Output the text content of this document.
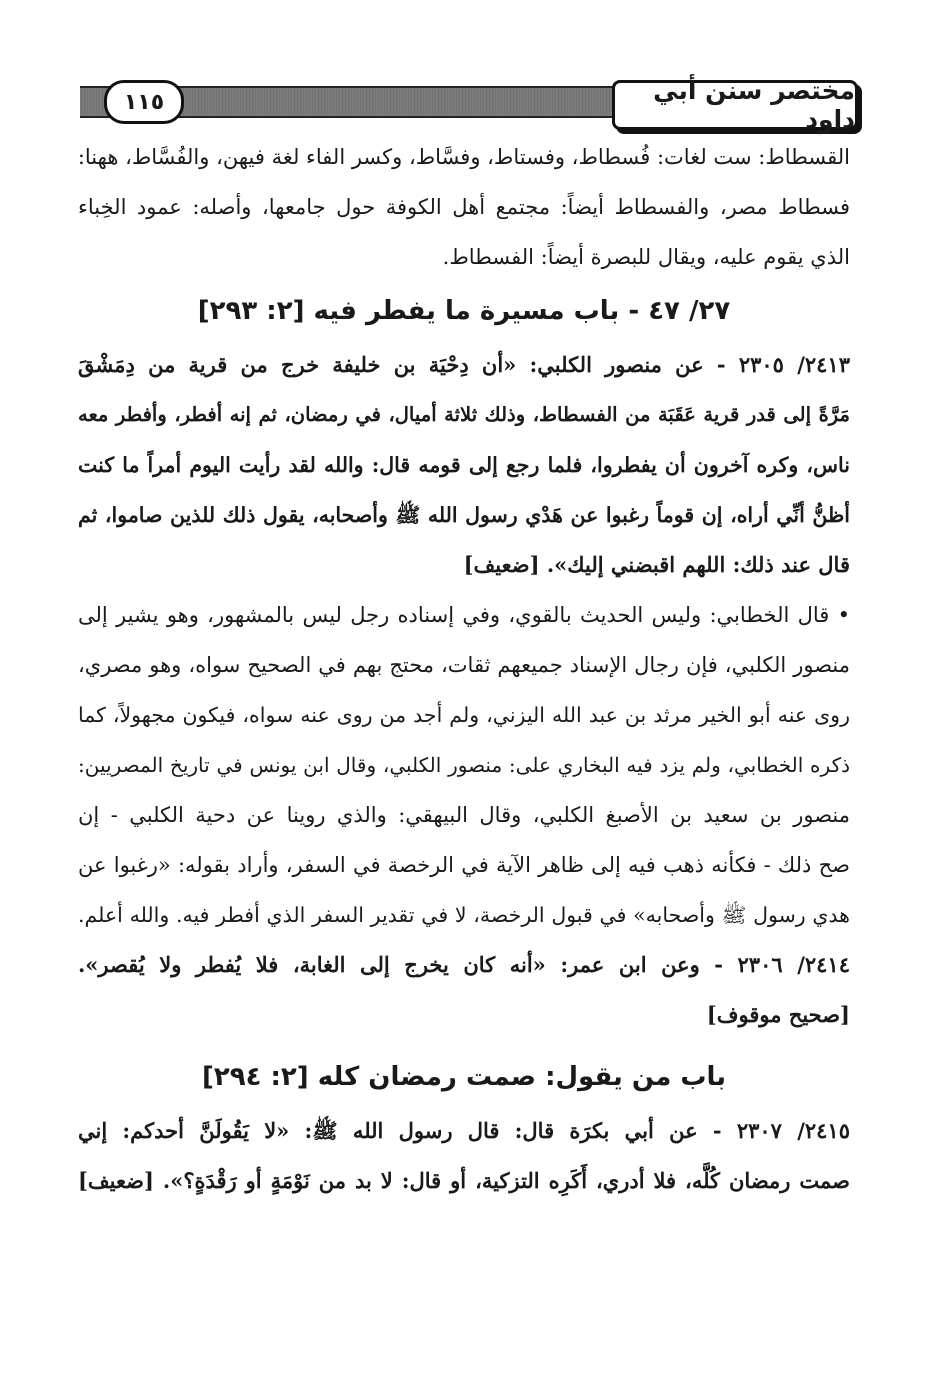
١١٥	مختصر سنن أبي داود
القسطاط: ست لغات: فُسطاط، وفستاط، وفسَّاط، وكسر الفاء لغة فيهن، والفُسَّاط، ههنا:
فسطاط مصر، والفسطاط أيضاً: مجتمع أهل الكوفة حول جامعها، وأصله: عمود الخِباء
الذي يقوم عليه، ويقال للبصرة أيضاً: الفسطاط.
٢٧/ ٤٧ - باب مسيرة ما يفطر فيه [٢: ٢٩٣]
٢٤١٣/ ٢٣٠٥ - عن منصور الكلبي: «أن دِحْيَة بن خليفة خرج من قرية من دِمَشْقَ
مَرَّةً إلى قدر قرية عَقَبَة من الفسطاط، وذلك ثلاثة أميال، في رمضان، ثم إنه أفطر، وأفطر معه
ناس، وكره آخرون أن يفطروا، فلما رجع إلى قومه قال: والله لقد رأيت اليوم أمراً ما كنت
أظنُّ أنِّي أراه، إن قوماً رغبوا عن هَدْي رسول الله ﷺ وأصحابه، يقول ذلك للذين صاموا، ثم
قال عند ذلك: اللهم اقبضني إليك». [ضعيف]
• قال الخطابي: وليس الحديث بالقوي، وفي إسناده رجل ليس بالمشهور، وهو يشير إلى
منصور الكلبي، فإن رجال الإسناد جميعهم ثقات، محتج بهم في الصحيح سواه، وهو مصري،
روى عنه أبو الخير مرثد بن عبد الله اليزني، ولم أجد من روى عنه سواه، فيكون مجهولاً، كما
ذكره الخطابي، ولم يزد فيه البخاري على: منصور الكلبي، وقال ابن يونس في تاريخ المصريين:
منصور بن سعيد بن الأصبغ الكلبي، وقال البيهقي: والذي روينا عن دحية الكلبي - إن
صح ذلك - فكأنه ذهب فيه إلى ظاهر الآية في الرخصة في السفر، وأراد بقوله: «رغبوا عن
هدي رسول ﷺ وأصحابه» في قبول الرخصة، لا في تقدير السفر الذي أفطر فيه. والله أعلم.
٢٤١٤/ ٢٣٠٦ - وعن ابن عمر: «أنه كان يخرج إلى الغابة، فلا يُفطر ولا يُقصر».
[صحيح موقوف]
باب من يقول: صمت رمضان كله [٢: ٢٩٤]
٢٤١٥/ ٢٣٠٧ - عن أبي بكرَة قال: قال رسول الله ﷺ: «لا يَقُولَنَّ أحدكم: إني
صمت رمضان كُلَّه، فلا أدري، أَكَرِه التزكية، أو قال: لا بد من نَوْمَةٍ أو رَقْدَةٍ؟». [ضعيف]
